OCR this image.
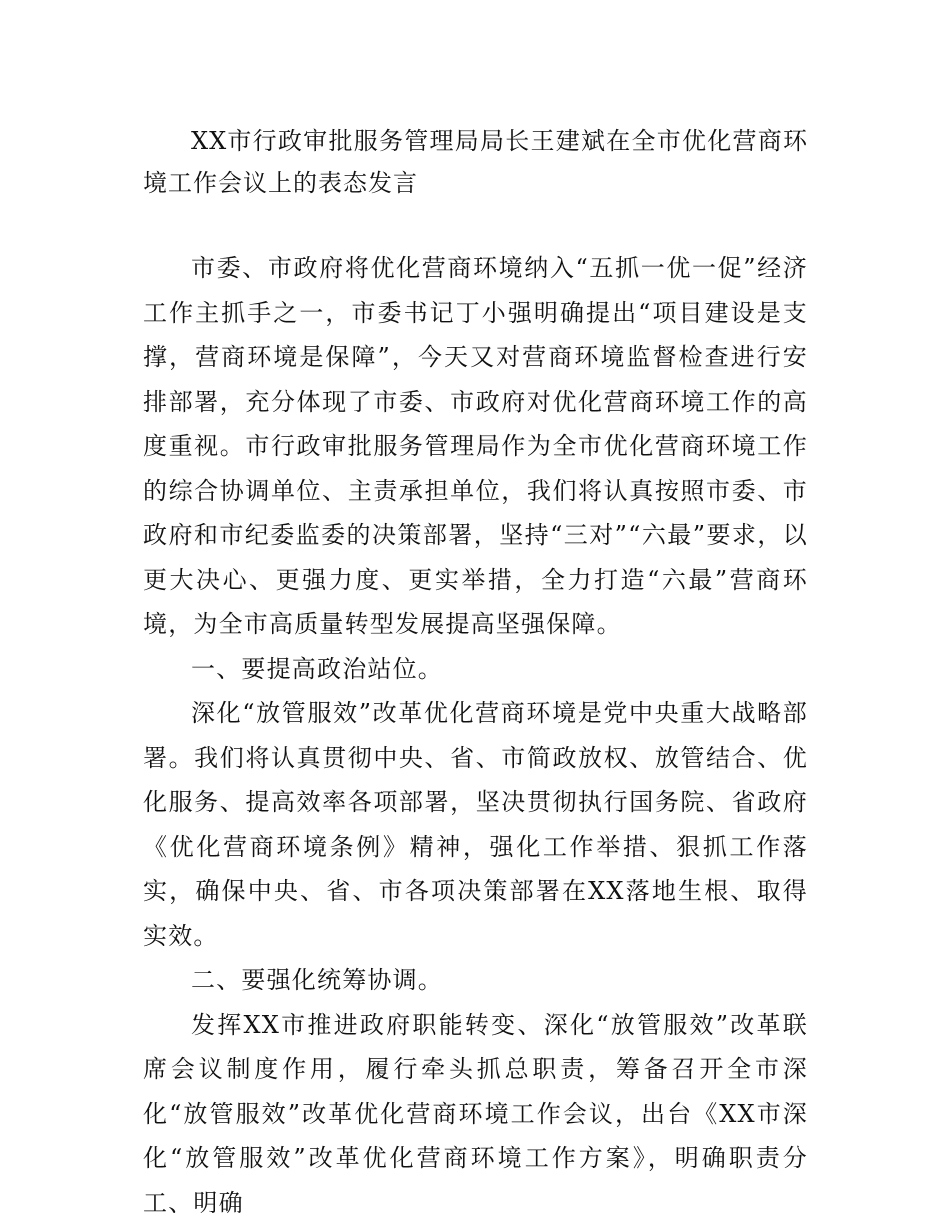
XX市行政审批服务管理局局长王建斌在全市优化营商环境工作会议上的表态发言

市委、市政府将优化营商环境纳入“五抓一优一促”经济工作主抓手之一，市委书记丁小强明确提出“项目建设是支撑，营商环境是保障”，今天又对营商环境监督检查进行安排部署，充分体现了市委、市政府对优化营商环境工作的高度重视。市行政审批服务管理局作为全市优化营商环境工作的综合协调单位、主责承担单位，我们将认真按照市委、市政府和市纪委监委的决策部署，坚持“三对”“六最”要求，以更大决心、更强力度、更实举措，全力打造“六最”营商环境，为全市高质量转型发展提高坚强保障。

一、要提高政治站位。

深化“放管服效”改革优化营商环境是党中央重大战略部署。我们将认真贯彻中央、省、市简政放权、放管结合、优化服务、提高效率各项部署，坚决贯彻执行国务院、省政府《优化营商环境条例》精神，强化工作举措、狠抓工作落实，确保中央、省、市各项决策部署在XX落地生根、取得实效。

二、要强化统筹协调。

发挥XX市推进政府职能转变、深化“放管服效”改革联席会议制度作用，履行牵头抓总职责，筹备召开全市深化“放管服效”改革优化营商环境工作会议，出台《XX市深化“放管服效”改革优化营商环境工作方案》，明确职责分工、明确
